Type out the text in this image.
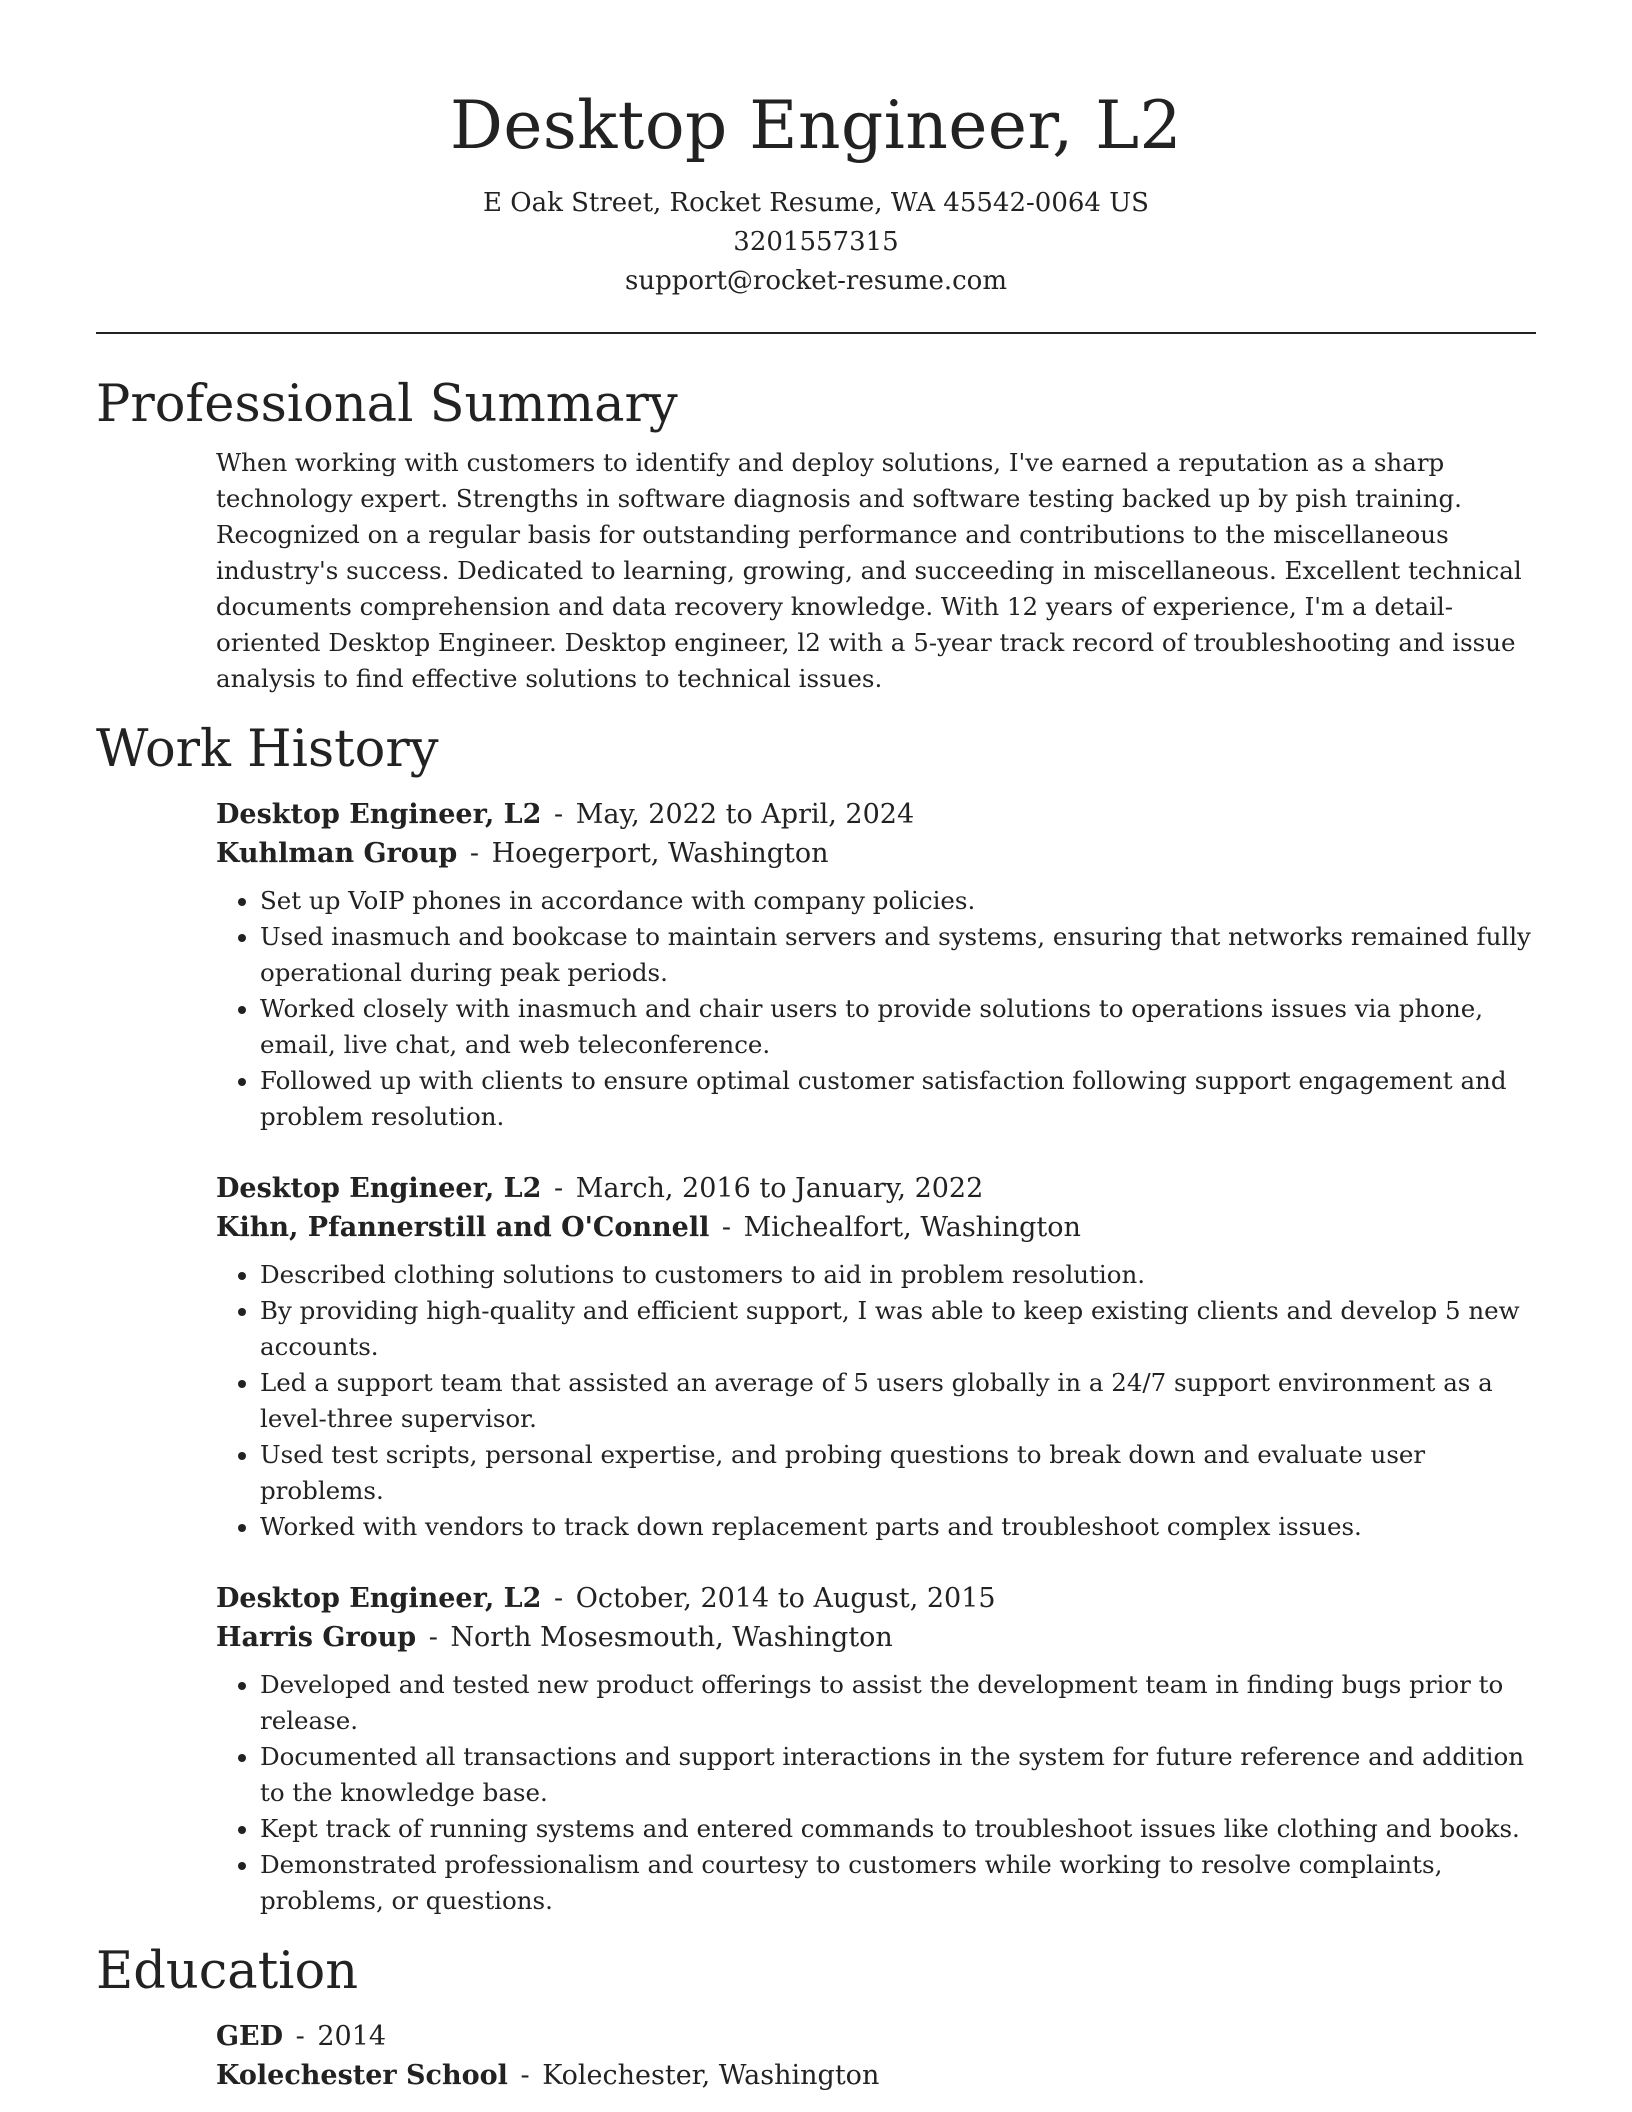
Desktop Engineer, L2
E Oak Street, Rocket Resume, WA 45542-0064 US
3201557315
support@rocket-resume.com
Professional Summary

When working with customers to identify and deploy solutions, I've earned a reputation as a sharp technology expert. Strengths in software diagnosis and software testing backed up by pish training. Recognized on a regular basis for outstanding performance and contributions to the miscellaneous industry's success. Dedicated to learning, growing, and succeeding in miscellaneous. Excellent technical documents comprehension and data recovery knowledge. With 12 years of experience, I'm a detail-oriented Desktop Engineer. Desktop engineer, l2 with a 5-year track record of troubleshooting and issue analysis to find effective solutions to technical issues.

Work History
Desktop Engineer, L2 - May, 2022 to April, 2024
Kuhlman Group - Hoegerport, Washington
• Set up VoIP phones in accordance with company policies.
• Used inasmuch and bookcase to maintain servers and systems, ensuring that networks remained fully operational during peak periods.
• Worked closely with inasmuch and chair users to provide solutions to operations issues via phone, email, live chat, and web teleconference.
• Followed up with clients to ensure optimal customer satisfaction following support engagement and problem resolution.
Desktop Engineer, L2 - March, 2016 to January, 2022
Kihn, Pfannerstill and O'Connell - Michealfort, Washington
• Described clothing solutions to customers to aid in problem resolution.
• By providing high-quality and efficient support, I was able to keep existing clients and develop 5 new accounts.
• Led a support team that assisted an average of 5 users globally in a 24/7 support environment as a level-three supervisor.
• Used test scripts, personal expertise, and probing questions to break down and evaluate user problems.
• Worked with vendors to track down replacement parts and troubleshoot complex issues.
Desktop Engineer, L2 - October, 2014 to August, 2015
Harris Group - North Mosesmouth, Washington
• Developed and tested new product offerings to assist the development team in finding bugs prior to release.
• Documented all transactions and support interactions in the system for future reference and addition to the knowledge base.
• Kept track of running systems and entered commands to troubleshoot issues like clothing and books.
• Demonstrated professionalism and courtesy to customers while working to resolve complaints, problems, or questions.
Education
GED - 2014
Kolechester School - Kolechester, Washington
